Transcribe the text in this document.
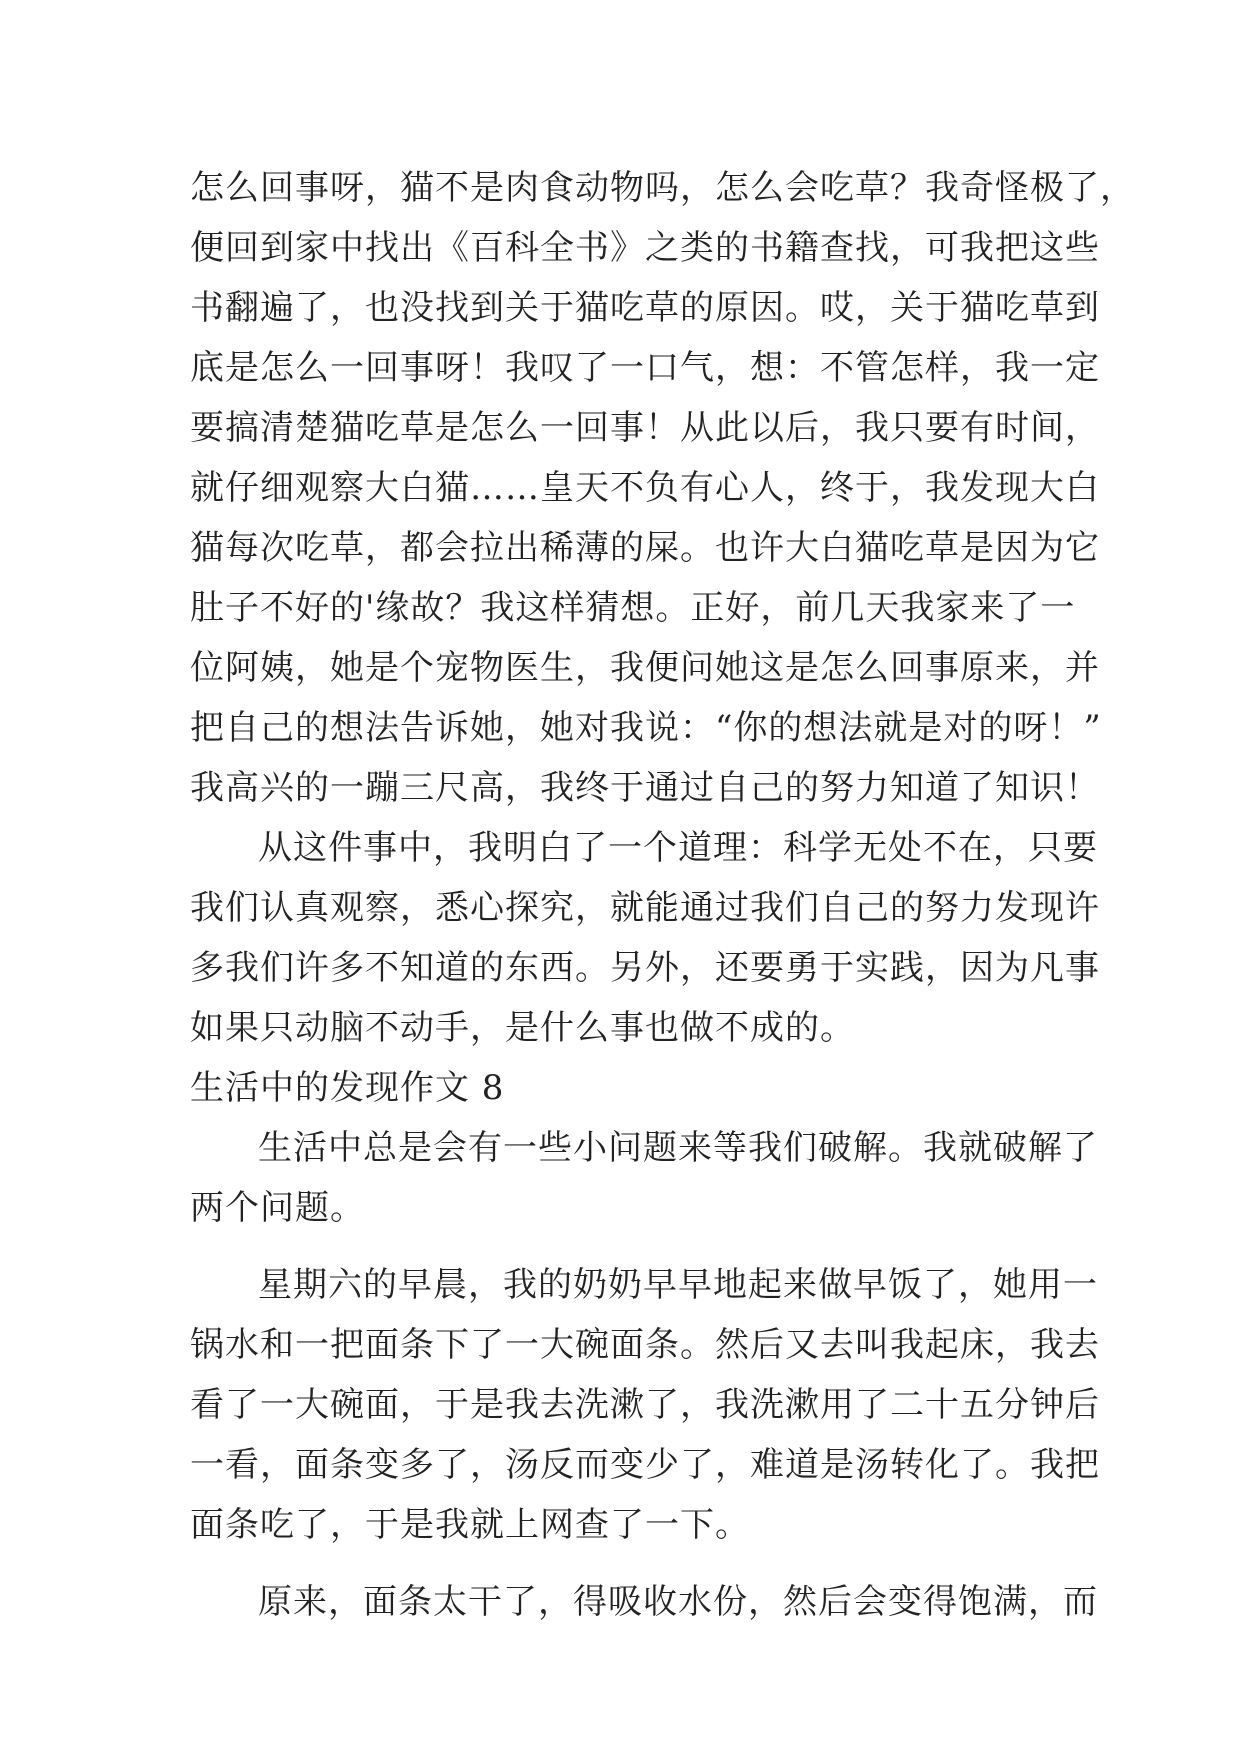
怎么回事呀，猫不是肉食动物吗，怎么会吃草？我奇怪极了，
便回到家中找出《百科全书》之类的书籍查找，可我把这些
书翻遍了，也没找到关于猫吃草的原因。哎，关于猫吃草到
底是怎么一回事呀！我叹了一口气，想：不管怎样，我一定
要搞清楚猫吃草是怎么一回事！从此以后，我只要有时间，
就仔细观察大白猫……皇天不负有心人，终于，我发现大白
猫每次吃草，都会拉出稀薄的屎。也许大白猫吃草是因为它
肚子不好的'缘故？我这样猜想。正好，前几天我家来了一
位阿姨，她是个宠物医生，我便问她这是怎么回事原来，并
把自己的想法告诉她，她对我说：“你的想法就是对的呀！”
我高兴的一蹦三尺高，我终于通过自己的努力知道了知识！
从这件事中，我明白了一个道理：科学无处不在，只要
我们认真观察，悉心探究，就能通过我们自己的努力发现许
多我们许多不知道的东西。另外，还要勇于实践，因为凡事
如果只动脑不动手，是什么事也做不成的。
生活中的发现作文 8
生活中总是会有一些小问题来等我们破解。我就破解了
两个问题。
星期六的早晨，我的奶奶早早地起来做早饭了，她用一
锅水和一把面条下了一大碗面条。然后又去叫我起床，我去
看了一大碗面，于是我去洗漱了，我洗漱用了二十五分钟后
一看，面条变多了，汤反而变少了，难道是汤转化了。我把
面条吃了，于是我就上网查了一下。
原来，面条太干了，得吸收水份，然后会变得饱满，而
